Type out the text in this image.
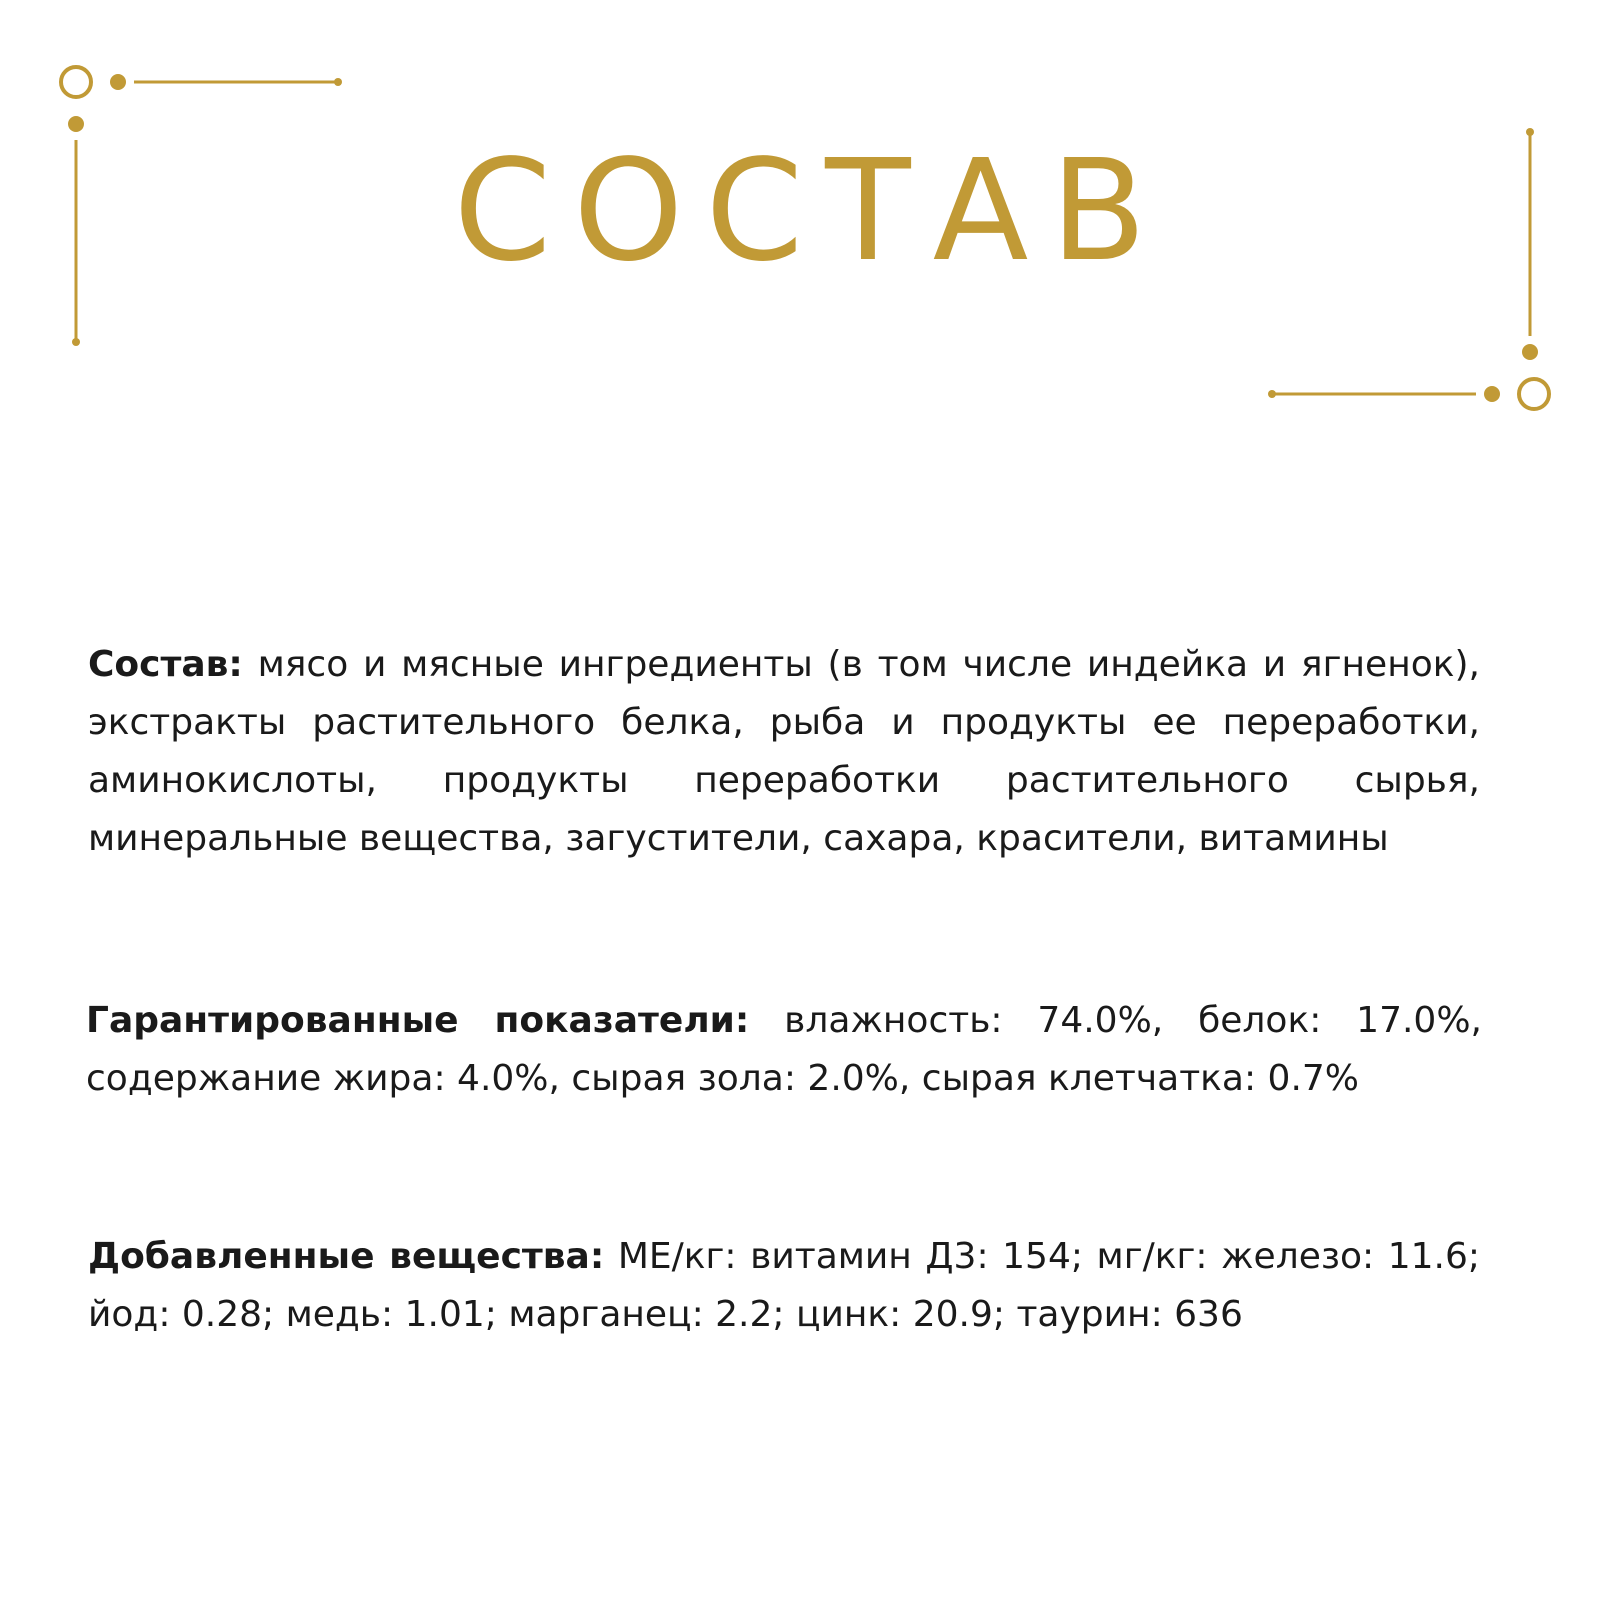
СОСТАВ

Состав: мясо и мясные ингредиенты (в том числе индейка и ягненок), экстракты растительного белка, рыба и продукты ее переработки, аминокислоты, продукты переработки растительного сырья, минеральные вещества, загустители, сахара, красители, витамины

Гарантированные показатели: влажность: 74.0%, белок: 17.0%, содержание жира: 4.0%, сырая зола: 2.0%, сырая клетчатка: 0.7%

Добавленные вещества: МЕ/кг: витамин Д3: 154; мг/кг: железо: 11.6; йод: 0.28; медь: 1.01; марганец: 2.2; цинк: 20.9; таурин: 636
